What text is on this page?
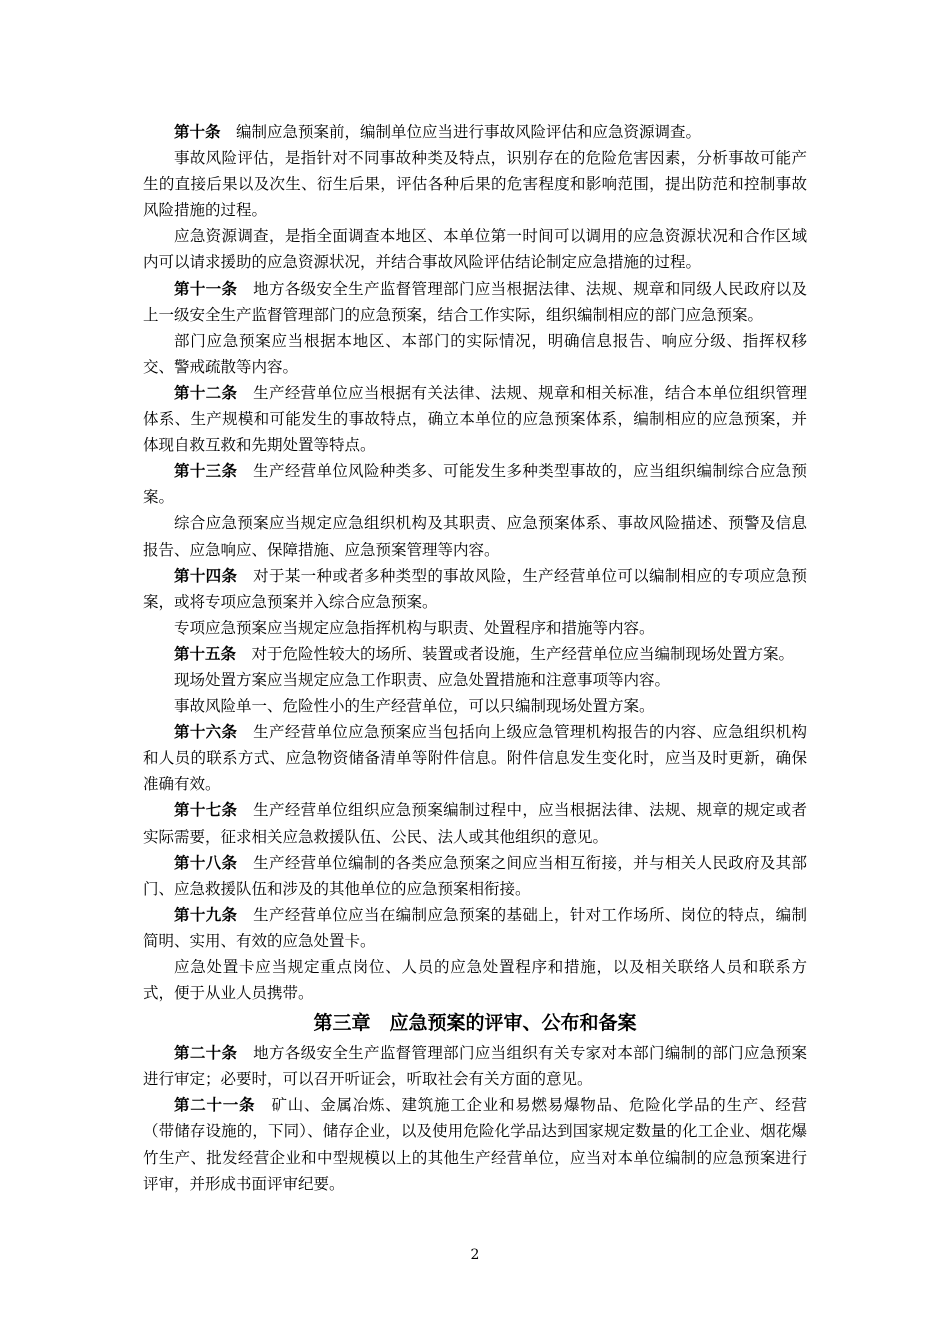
第十条 编制应急预案前，编制单位应当进行事故风险评估和应急资源调查。

事故风险评估，是指针对不同事故种类及特点，识别存在的危险危害因素，分析事故可能产生的直接后果以及次生、衍生后果，评估各种后果的危害程度和影响范围，提出防范和控制事故风险措施的过程。

应急资源调查，是指全面调查本地区、本单位第一时间可以调用的应急资源状况和合作区域内可以请求援助的应急资源状况，并结合事故风险评估结论制定应急措施的过程。

第十一条 地方各级安全生产监督管理部门应当根据法律、法规、规章和同级人民政府以及上一级安全生产监督管理部门的应急预案，结合工作实际，组织编制相应的部门应急预案。

部门应急预案应当根据本地区、本部门的实际情况，明确信息报告、响应分级、指挥权移交、警戒疏散等内容。

第十二条 生产经营单位应当根据有关法律、法规、规章和相关标准，结合本单位组织管理体系、生产规模和可能发生的事故特点，确立本单位的应急预案体系，编制相应的应急预案，并体现自救互救和先期处置等特点。

第十三条 生产经营单位风险种类多、可能发生多种类型事故的，应当组织编制综合应急预案。

综合应急预案应当规定应急组织机构及其职责、应急预案体系、事故风险描述、预警及信息报告、应急响应、保障措施、应急预案管理等内容。

第十四条 对于某一种或者多种类型的事故风险，生产经营单位可以编制相应的专项应急预案，或将专项应急预案并入综合应急预案。

专项应急预案应当规定应急指挥机构与职责、处置程序和措施等内容。

第十五条 对于危险性较大的场所、装置或者设施，生产经营单位应当编制现场处置方案。

现场处置方案应当规定应急工作职责、应急处置措施和注意事项等内容。

事故风险单一、危险性小的生产经营单位，可以只编制现场处置方案。

第十六条 生产经营单位应急预案应当包括向上级应急管理机构报告的内容、应急组织机构和人员的联系方式、应急物资储备清单等附件信息。附件信息发生变化时，应当及时更新，确保准确有效。

第十七条 生产经营单位组织应急预案编制过程中，应当根据法律、法规、规章的规定或者实际需要，征求相关应急救援队伍、公民、法人或其他组织的意见。

第十八条 生产经营单位编制的各类应急预案之间应当相互衔接，并与相关人民政府及其部门、应急救援队伍和涉及的其他单位的应急预案相衔接。

第十九条 生产经营单位应当在编制应急预案的基础上，针对工作场所、岗位的特点，编制简明、实用、有效的应急处置卡。

应急处置卡应当规定重点岗位、人员的应急处置程序和措施，以及相关联络人员和联系方式，便于从业人员携带。

第三章 应急预案的评审、公布和备案

第二十条 地方各级安全生产监督管理部门应当组织有关专家对本部门编制的部门应急预案进行审定；必要时，可以召开听证会，听取社会有关方面的意见。

第二十一条 矿山、金属冶炼、建筑施工企业和易燃易爆物品、危险化学品的生产、经营（带储存设施的，下同）、储存企业，以及使用危险化学品达到国家规定数量的化工企业、烟花爆竹生产、批发经营企业和中型规模以上的其他生产经营单位，应当对本单位编制的应急预案进行评审，并形成书面评审纪要。

2
